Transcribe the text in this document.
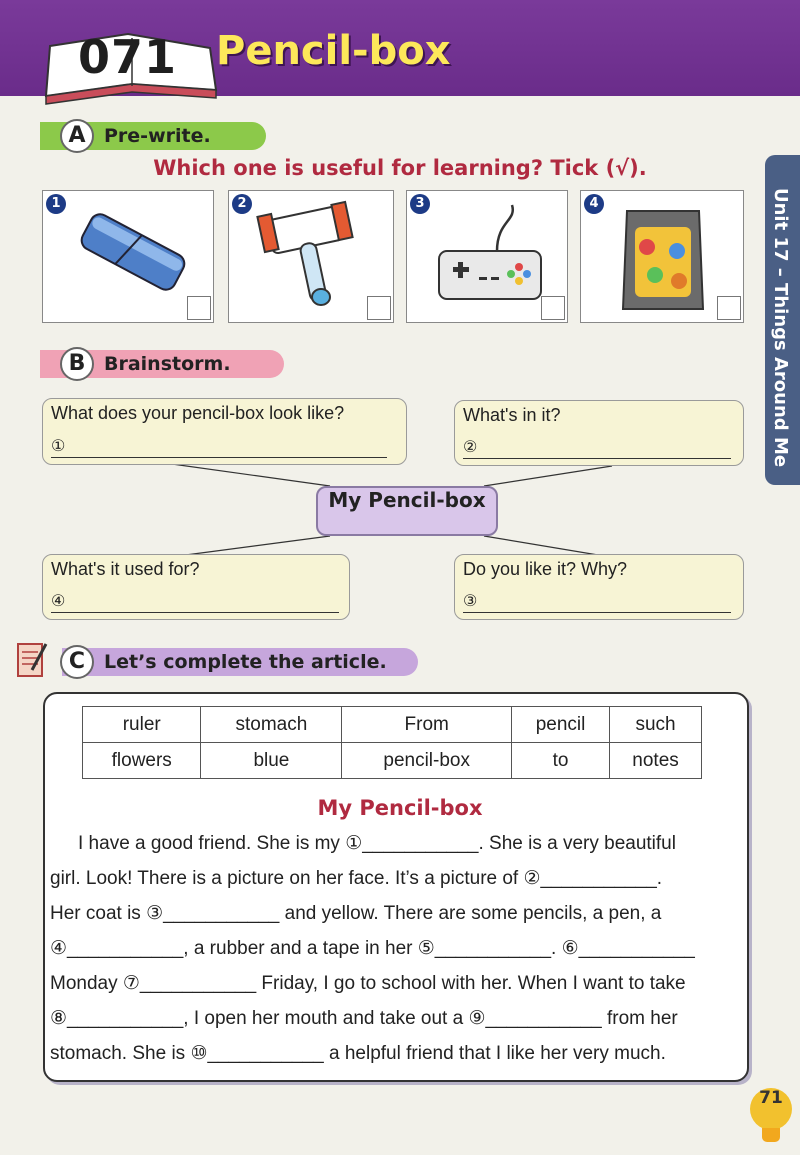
071 Pencil-box
Unit 17 – Things Around Me
A Pre-write.
Which one is useful for learning? Tick (√).
1	2	3	4
B Brainstorm.
What does your pencil-box look like?
①
What's in it?
②
My Pencil-box
What's it used for?
④
Do you like it? Why?
③
C Let’s complete the article.
ruler	stomach	From	pencil	such
flowers	blue	pencil-box	to	notes
My Pencil-box
I have a good friend. She is my ①___________. She is a very beautiful
girl. Look! There is a picture on her face. It’s a picture of ②___________.
Her coat is ③___________ and yellow. There are some pencils, a pen, a
④___________, a rubber and a tape in her ⑤___________. ⑥___________
Monday ⑦___________ Friday, I go to school with her. When I want to take
⑧___________, I open her mouth and take out a ⑨___________ from her
stomach. She is ⑩___________ a helpful friend that I like her very much.
71
